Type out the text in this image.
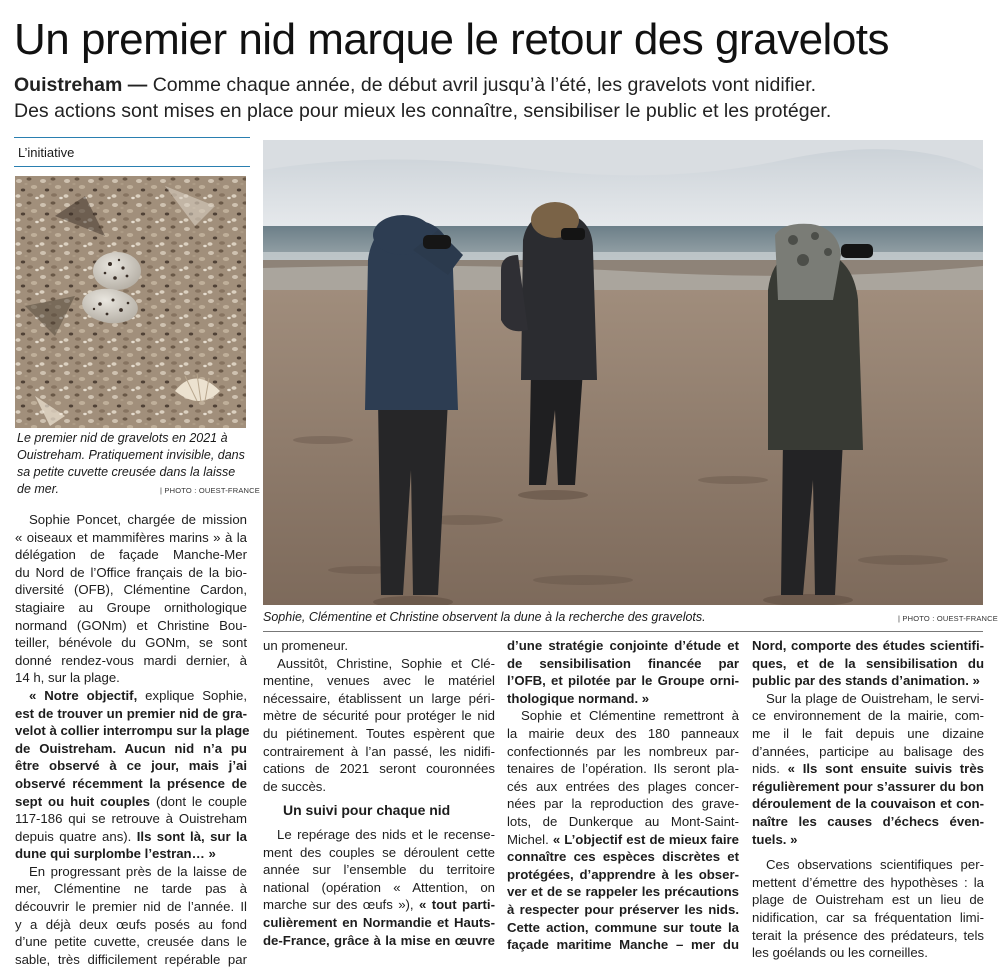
Un premier nid marque le retour des gravelots
Ouistreham — Comme chaque année, de début avril jusqu’à l’été, les gravelots vont nidifier.
Des actions sont mises en place pour mieux les connaître, sensibiliser le public et les protéger.
L’initiative
Le premier nid de gravelots en 2021 à Ouistreham. Pratiquement invisible, dans sa petite cuvette creusée dans la laisse de mer.	| PHOTO : OUEST-FRANCE
Sophie, Clémentine et Christine observent la dune à la recherche des gravelots.	| PHOTO : OUEST-FRANCE

Sophie Poncet, chargée de mission
« oiseaux et mammifères marins » à la
délégation de façade Manche-Mer
du Nord de l’Office français de la bio-
diversité (OFB), Clémentine Cardon,
stagiaire au Groupe ornithologique
normand (GONm) et Christine Bou-
teiller, bénévole du GONm, se sont
donné rendez-vous mardi dernier, à
14 h, sur la plage.

« Notre objectif, explique Sophie,
est de trouver un premier nid de gra-
velot à collier interrompu sur la plage
de Ouistreham. Aucun nid n’a pu
être observé à ce jour, mais j’ai
observé récemment la présence de
sept ou huit couples (dont le couple
117-186 qui se retrouve à Ouistreham
depuis quatre ans). Ils sont là, sur la
dune qui surplombe l’estran… »

En progressant près de la laisse de
mer, Clémentine ne tarde pas à
découvrir le premier nid de l’année. Il
y a déjà deux œufs posés au fond
d’une petite cuvette, creusée dans le
sable, très difficilement repérable par

un promeneur.

Aussitôt, Christine, Sophie et Clé-
mentine, venues avec le matériel
nécessaire, établissent un large péri-
mètre de sécurité pour protéger le nid
du piétinement. Toutes espèrent que
contrairement à l’an passé, les nidifi-
cations de 2021 seront couronnées
de succès.

Un suivi pour chaque nid

Le repérage des nids et le recense-
ment des couples se déroulent cette
année sur l’ensemble du territoire
national (opération « Attention, on
marche sur des œufs »), « tout parti-
culièrement en Normandie et Hauts-
de-France, grâce à la mise en œuvre

d’une stratégie conjointe d’étude et
de sensibilisation financée par
l’OFB, et pilotée par le Groupe orni-
thologique normand. »

Sophie et Clémentine remettront à
la mairie deux des 180 panneaux
confectionnés par les nombreux par-
tenaires de l’opération. Ils seront pla-
cés aux entrées des plages concer-
nées par la reproduction des grave-
lots, de Dunkerque au Mont-Saint-
Michel. « L’objectif est de mieux faire
connaître ces espèces discrètes et
protégées, d’apprendre à les obser-
ver et de se rappeler les précautions
à respecter pour préserver les nids.
Cette action, commune sur toute la
façade maritime Manche – mer du

Nord, comporte des études scientifi-
ques, et de la sensibilisation du
public par des stands d’animation. »

Sur la plage de Ouistreham, le servi-
ce environnement de la mairie, com-
me il le fait depuis une dizaine
d’années, participe au balisage des
nids. « Ils sont ensuite suivis très
régulièrement pour s’assurer du bon
déroulement de la couvaison et con-
naître les causes d’échecs éven-
tuels. »

Ces observations scientifiques per-
mettent d’émettre des hypothèses : la
plage de Ouistreham est un lieu de
nidification, car sa fréquentation limi-
terait la présence des prédateurs, tels
les goélands ou les corneilles.
